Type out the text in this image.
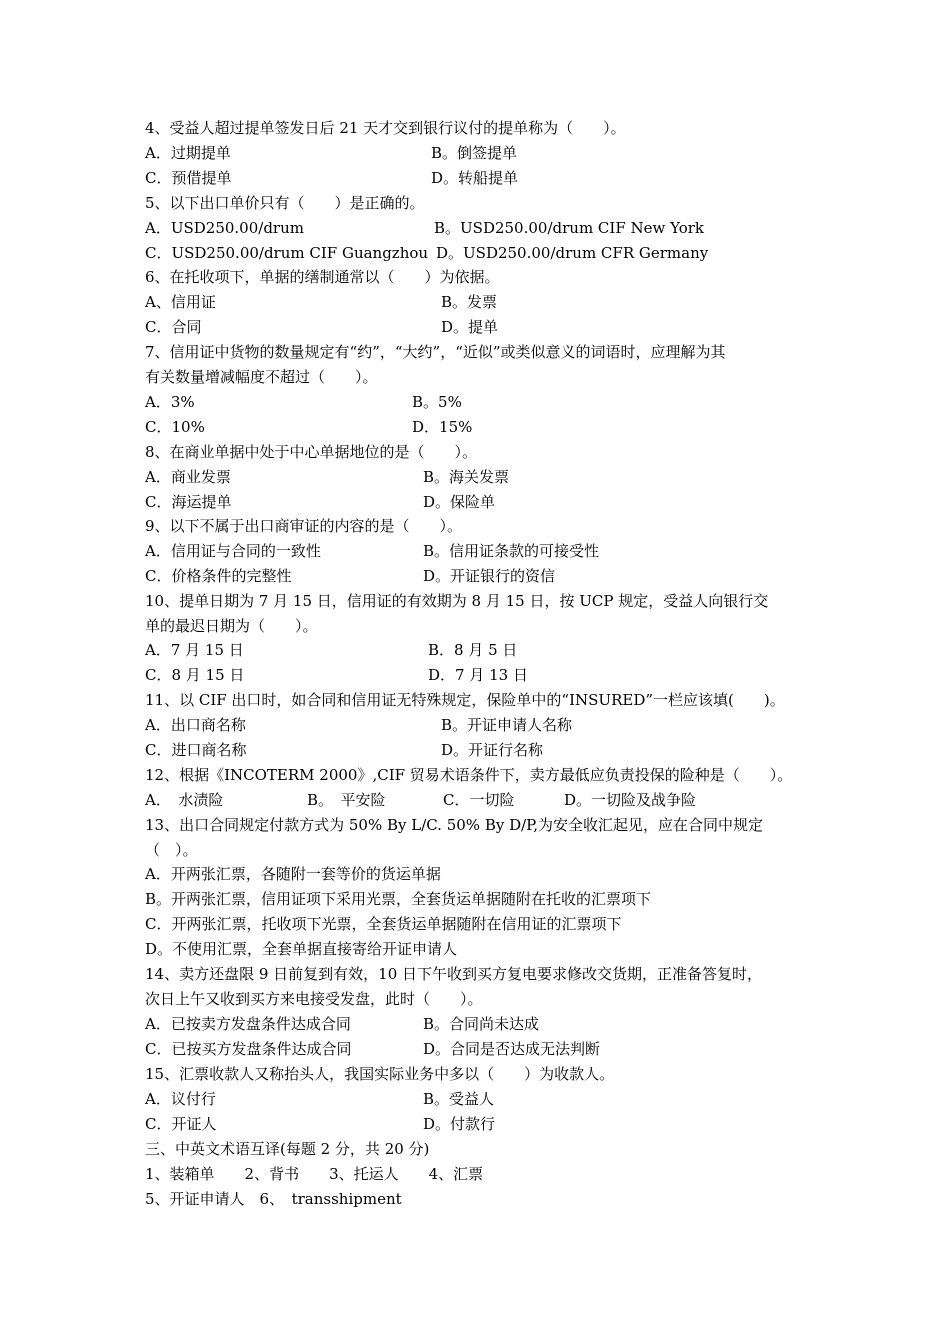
4、受益人超过提单签发日后 21 天才交到银行议付的提单称为（　　）。

A．过期提单

	B。倒签提单

C．预借提单

	D。转船提单

5、以下出口单价只有（　　）是正确的。

A．USD250.00/drum

	B。USD250.00/drum CIF New York

C．USD250.00/drum CIF Guangzhou

D。USD250.00/drum CFR Germany

6、在托收项下，单据的缮制通常以（　　）为依据。

A、信用证

	B。发票

C．合同

	D。提单

7、信用证中货物的数量规定有“约”，“大约”，“近似”或类似意义的词语时，应理解为其
有关数量增减幅度不超过（　　）。

A．3%

	B。5%

C．10%

	D．15%

8、在商业单据中处于中心单据地位的是（　　）。

A．商业发票

	B。海关发票

C．海运提单

	D。保险单

9、以下不属于出口商审证的内容的是（　　）。

A．信用证与合同的一致性

	B。信用证条款的可接受性

C．价格条件的完整性

	D。开证银行的资信

10、提单日期为 7 月 15 日，信用证的有效期为 8 月 15 日，按 UCP 规定，受益人向银行交
单的最迟日期为（　　）。

A．7 月 15 日

	B．8 月 5 日

C．8 月 15 日

	D．7 月 13 日

11、以 CIF 出口时，如合同和信用证无特殊规定，保险单中的“INSURED”一栏应该填(　　)。

A．出口商名称

	B。开证申请人名称

C．进口商名称

	D。开证行名称

12、根据《INCOTERM 2000》,CIF 贸易术语条件下，卖方最低应负责投保的险种是（　　）。

A．　水渍险

	B。　平安险

	C．一切险

	D。一切险及战争险

13、出口合同规定付款方式为 50% By L/C. 50% By D/P,为安全收汇起见，应在合同中规定
（　）。
A．开两张汇票，各随附一套等价的货运单据
B。开两张汇票，信用证项下采用光票，全套货运单据随附在托收的汇票项下
C．开两张汇票，托收项下光票，全套货运单据随附在信用证的汇票项下
D。不使用汇票，全套单据直接寄给开证申请人
14、卖方还盘限 9 日前复到有效，10 日下午收到买方复电要求修改交货期，正准备答复时，
次日上午又收到买方来电接受发盘，此时（　　）。

A．已按卖方发盘条件达成合同

	B。合同尚未达成

C．已按买方发盘条件达成合同

	D。合同是否达成无法判断

15、汇票收款人又称抬头人，我国实际业务中多以（　　）为收款人。

A．议付行

	B。受益人

C．开证人

	D。付款行

三、中英文术语互译(每题 2 分，共 20 分)
1、装箱单　　2、背书　　3、托运人　　4、汇票
5、开证申请人　6、　transshipment
